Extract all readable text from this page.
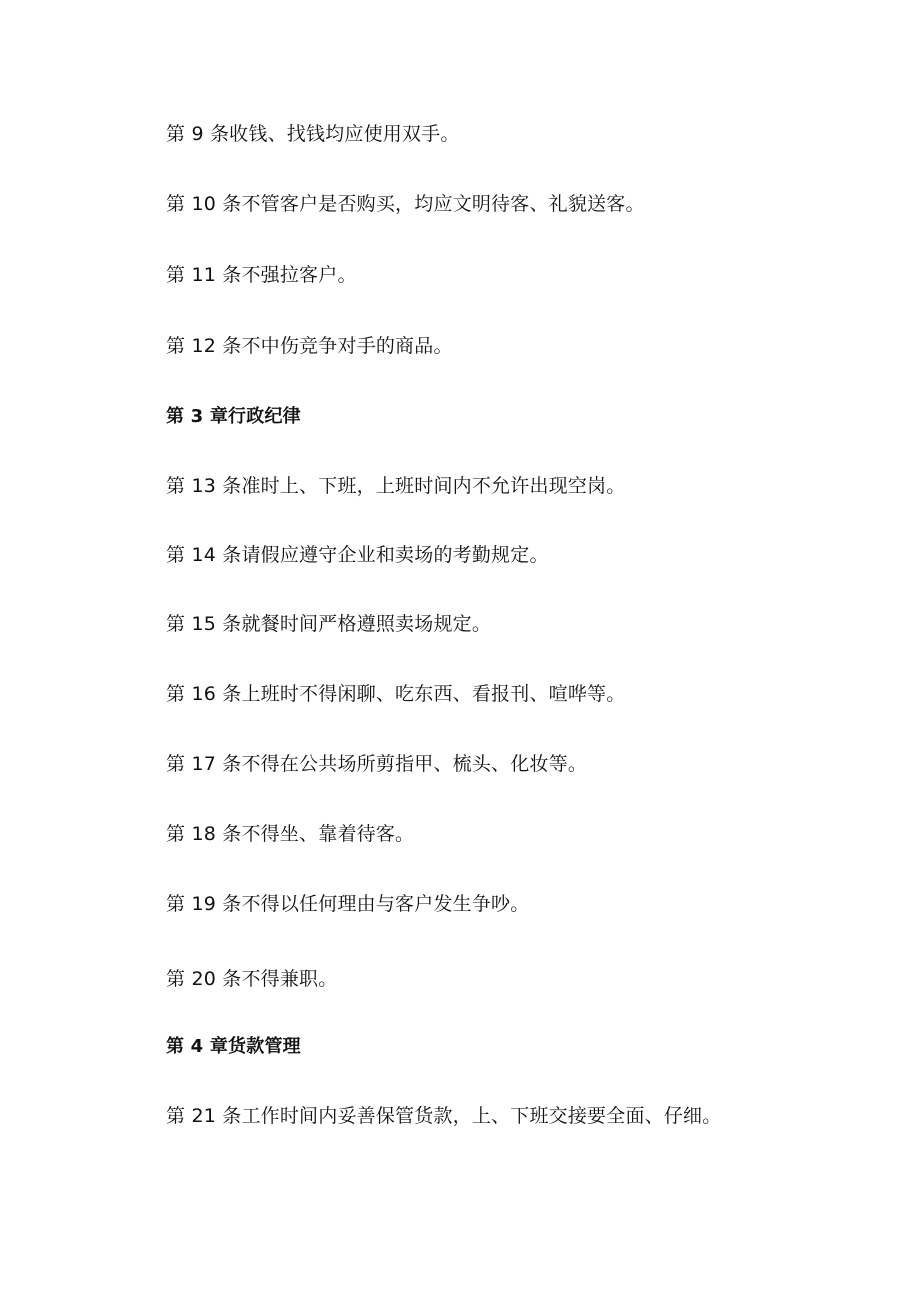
第 9 条收钱、找钱均应使用双手。
第 10 条不管客户是否购买，均应文明待客、礼貌送客。
第 11 条不强拉客户。
第 12 条不中伤竞争对手的商品。
第 3 章行政纪律
第 13 条准时上、下班，上班时间内不允许出现空岗。
第 14 条请假应遵守企业和卖场的考勤规定。
第 15 条就餐时间严格遵照卖场规定。
第 16 条上班时不得闲聊、吃东西、看报刊、喧哗等。
第 17 条不得在公共场所剪指甲、梳头、化妆等。
第 18 条不得坐、靠着待客。
第 19 条不得以任何理由与客户发生争吵。
第 20 条不得兼职。
第 4 章货款管理
第 21 条工作时间内妥善保管货款，上、下班交接要全面、仔细。
